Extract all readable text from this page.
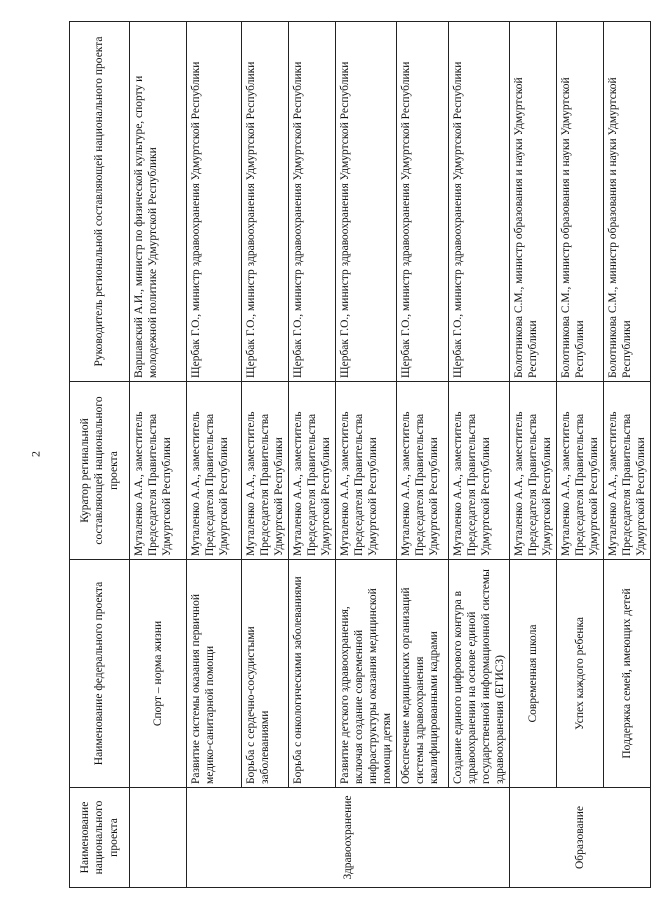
2
Наименование национального проекта	Наименование федерального проекта	Куратор регинальной составляющей национального проекта	Руководитель региональной составляющей национального проекта
	Спорт – норма жизни	Муталенко А.А., заместитель Председателя Правительства Удмуртской Республики	Варшавский А.И., министр по физической культуре, спорту и молодежной политике Удмуртской Республики
Здравоохранение	Развитие системы оказания первичной медико-санитарной помощи	Муталенко А.А., заместитель Председателя Правительства Удмуртской Республики	Щербак Г.О., министр здравоохранения Удмуртской Республики
	Борьба с сердечно-сосудистыми заболеваниями	Муталенко А.А., заместитель Председателя Правительства Удмуртской Республики	Щербак Г.О., министр здравоохранения Удмуртской Республики
	Борьба с онкологическими заболеваниями	Муталенко А.А., заместитель Председателя Правительства Удмуртской Республики	Щербак Г.О., министр здравоохранения Удмуртской Республики
	Развитие детского здравоохранения, включая создание современной инфраструктуры оказания медицинской помощи детям	Муталенко А.А., заместитель Председателя Правительства Удмуртской Республики	Щербак Г.О., министр здравоохранения Удмуртской Республики
	Обеспечение медицинских организаций системы здравоохранения квалифицированными кадрами	Муталенко А.А., заместитель Председателя Правительства Удмуртской Республики	Щербак Г.О., министр здравоохранения Удмуртской Республики
	Создание единого цифрового контура в здравоохранении на основе единой государственной информационной системы здравоохранения (ЕГИСЗ)	Муталенко А.А., заместитель Председателя Правительства Удмуртской Республики	Щербак Г.О., министр здравоохранения Удмуртской Республики
Образование	Современная школа	Муталенко А.А., заместитель Председателя Правительства Удмуртской Республики	Болотникова С.М., министр образования и науки Удмуртской Республики
	Успех каждого ребенка	Муталенко А.А., заместитель Председателя Правительства Удмуртской Республики	Болотникова С.М., министр образования и науки Удмуртской Республики
	Поддержка семей, имеющих детей	Муталенко А.А., заместитель Председателя Правительства Удмуртской Республики	Болотникова С.М., министр образования и науки Удмуртской Республики
